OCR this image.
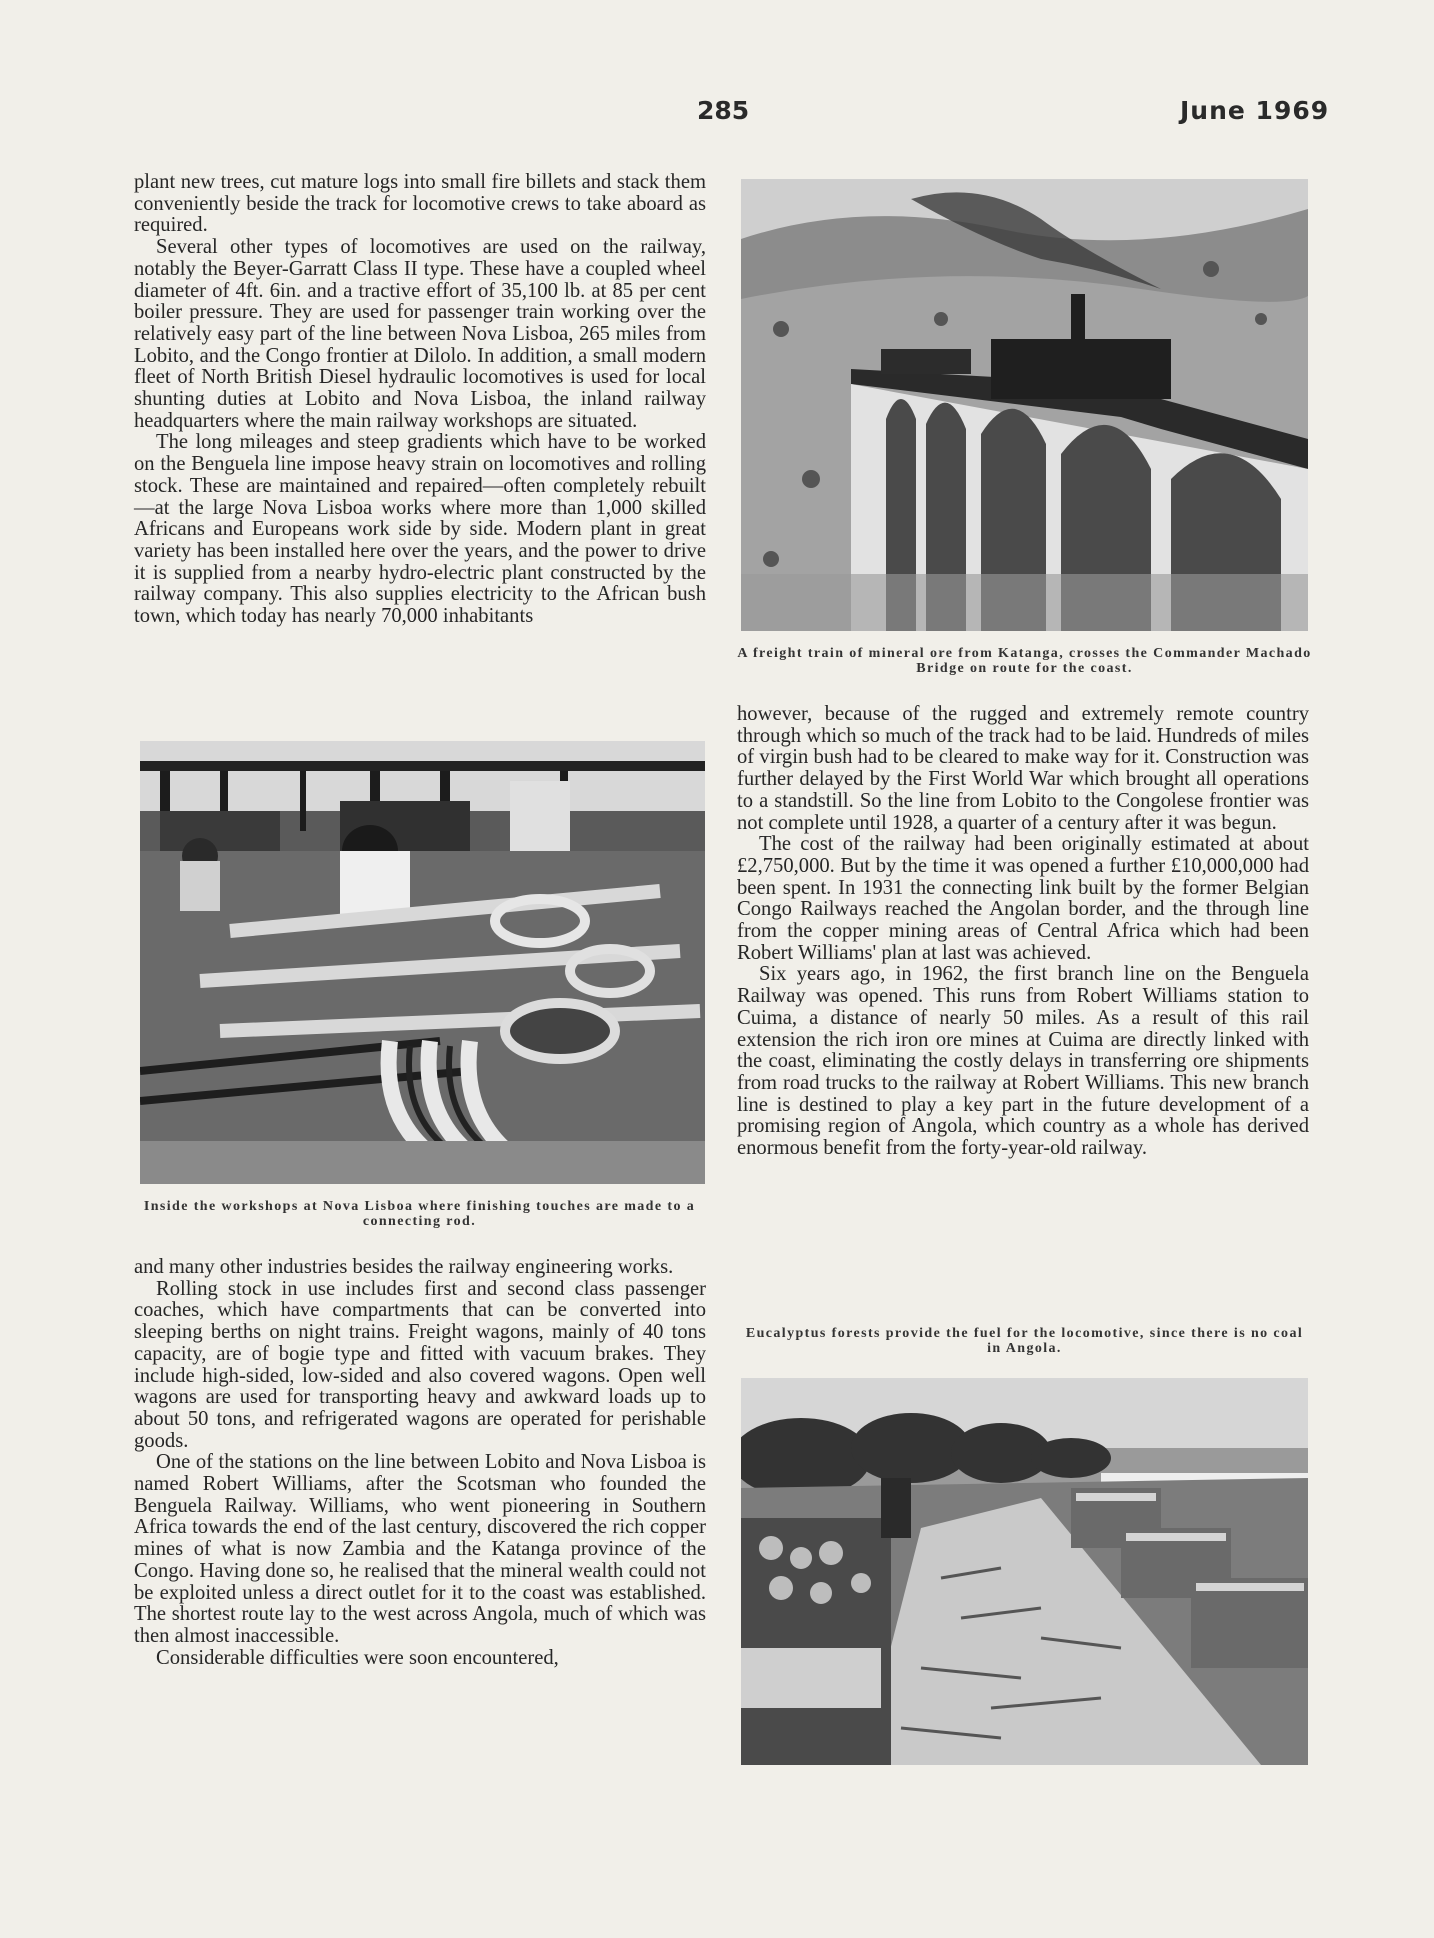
285	June 1969

plant new trees, cut mature logs into small fire billets and stack them conveniently beside the track for locomotive crews to take aboard as required.

Several other types of locomotives are used on the railway, notably the Beyer-Garratt Class II type. These have a coupled wheel diameter of 4ft. 6in. and a tractive effort of 35,100 lb. at 85 per cent boiler pressure. They are used for passenger train working over the relatively easy part of the line between Nova Lisboa, 265 miles from Lobito, and the Congo frontier at Dilolo. In addition, a small modern fleet of North British Diesel hydraulic locomotives is used for local shunting duties at Lobito and Nova Lisboa, the inland railway headquarters where the main railway workshops are situated.

The long mileages and steep gradients which have to be worked on the Benguela line impose heavy strain on locomotives and rolling stock. These are maintained and repaired—often completely rebuilt—at the large Nova Lisboa works where more than 1,000 skilled Africans and Europeans work side by side. Modern plant in great variety has been installed here over the years, and the power to drive it is supplied from a nearby hydro-electric plant constructed by the railway company. This also supplies electricity to the African bush town, which today has nearly 70,000 inhabitants

Inside the workshops at Nova Lisboa where finishing touches are made to a connecting rod.

and many other industries besides the railway engineering works.

Rolling stock in use includes first and second class passenger coaches, which have compartments that can be converted into sleeping berths on night trains. Freight wagons, mainly of 40 tons capacity, are of bogie type and fitted with vacuum brakes. They include high-sided, low-sided and also covered wagons. Open well wagons are used for transporting heavy and awkward loads up to about 50 tons, and refrigerated wagons are operated for perishable goods.

One of the stations on the line between Lobito and Nova Lisboa is named Robert Williams, after the Scotsman who founded the Benguela Railway. Williams, who went pioneering in Southern Africa towards the end of the last century, discovered the rich copper mines of what is now Zambia and the Katanga province of the Congo. Having done so, he realised that the mineral wealth could not be exploited unless a direct outlet for it to the coast was established. The shortest route lay to the west across Angola, much of which was then almost inaccessible.

Considerable difficulties were soon encountered,

A freight train of mineral ore from Katanga, crosses the Commander Machado Bridge on route for the coast.

however, because of the rugged and extremely remote country through which so much of the track had to be laid. Hundreds of miles of virgin bush had to be cleared to make way for it. Construction was further delayed by the First World War which brought all operations to a standstill. So the line from Lobito to the Congolese frontier was not complete until 1928, a quarter of a century after it was begun.

The cost of the railway had been originally estimated at about £2,750,000. But by the time it was opened a further £10,000,000 had been spent. In 1931 the connecting link built by the former Belgian Congo Railways reached the Angolan border, and the through line from the copper mining areas of Central Africa which had been Robert Williams' plan at last was achieved.

Six years ago, in 1962, the first branch line on the Benguela Railway was opened. This runs from Robert Williams station to Cuima, a distance of nearly 50 miles. As a result of this rail extension the rich iron ore mines at Cuima are directly linked with the coast, eliminating the costly delays in transferring ore shipments from road trucks to the railway at Robert Williams. This new branch line is destined to play a key part in the future development of a promising region of Angola, which country as a whole has derived enormous benefit from the forty-year-old railway.

Eucalyptus forests provide the fuel for the locomotive, since there is no coal in Angola.
